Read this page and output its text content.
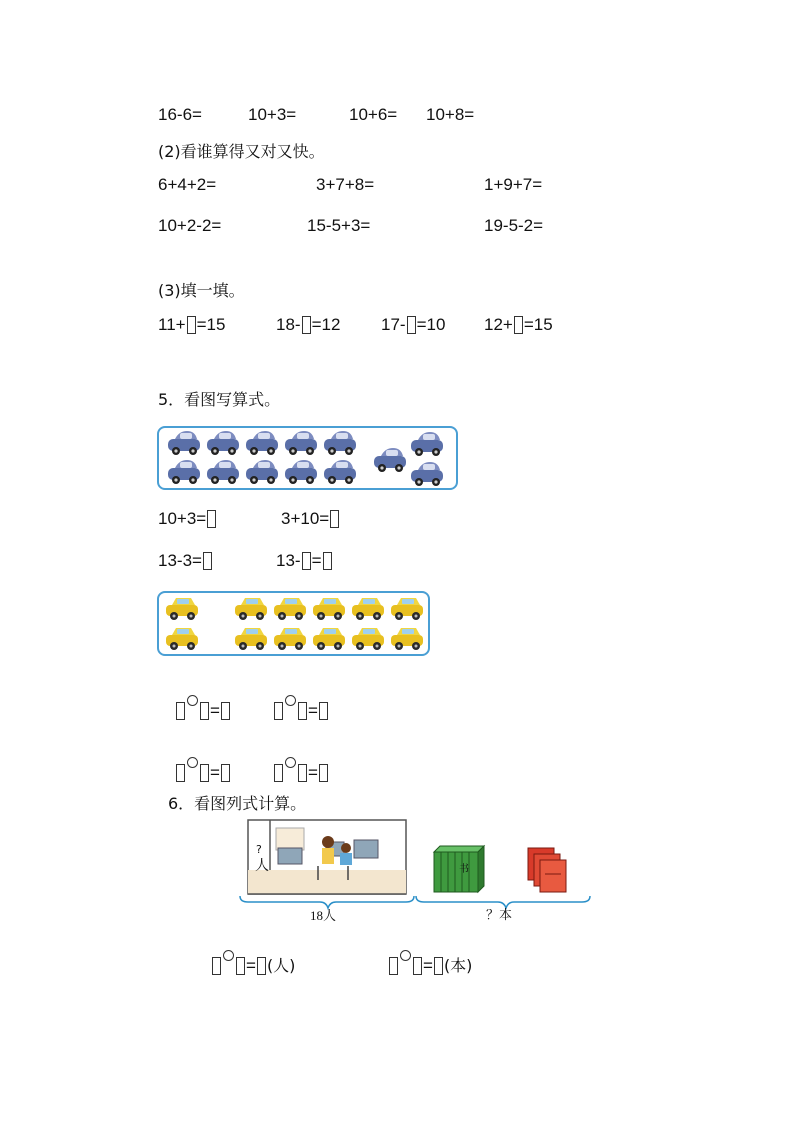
16-6=	10+3=	10+6= 10+8=
(2)看谁算得又对又快。
6+4+2=	3+7+8=	1+9+7=
10+2-2=	15-5+3=	19-5-2=
(3)填一填。
11+ =15	18- =12 17- =10 12+ =15
5．看图写算式。
10+3=	3+10=
13-3=	13- =
=	=
=	=
6．看图列式计算。
?
人	书
18人	？本
= (人)	= (本)
